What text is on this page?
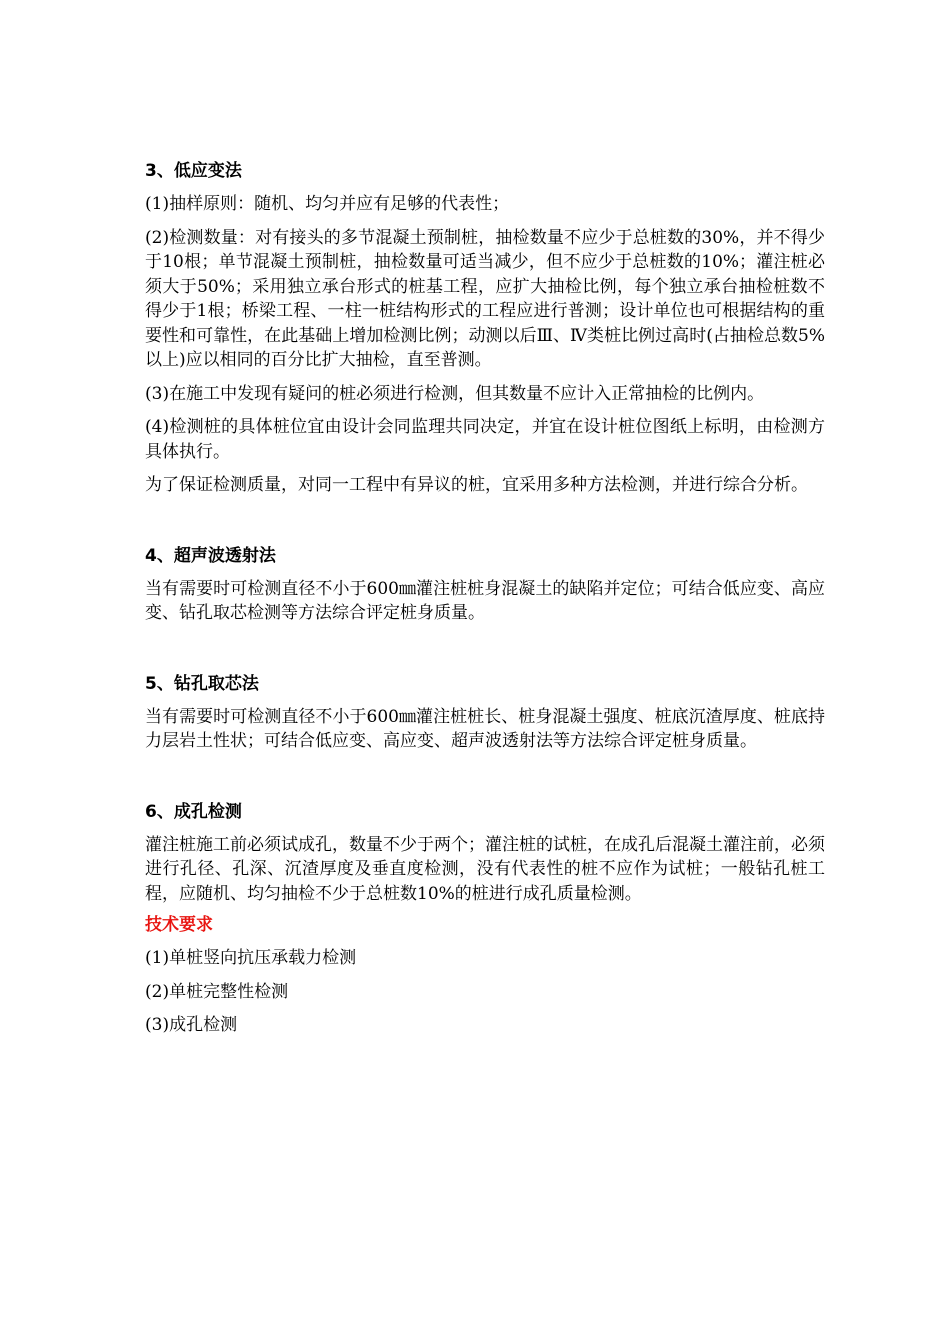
3、低应变法

(1)抽样原则：随机、均匀并应有足够的代表性；

(2)检测数量：对有接头的多节混凝土预制桩，抽检数量不应少于总桩数的30%，并不得少于10根；单节混凝土预制桩，抽检数量可适当减少，但不应少于总桩数的10%；灌注桩必须大于50%；采用独立承台形式的桩基工程，应扩大抽检比例，每个独立承台抽检桩数不得少于1根；桥梁工程、一柱一桩结构形式的工程应进行普测；设计单位也可根据结构的重要性和可靠性，在此基础上增加检测比例；动测以后Ⅲ、Ⅳ类桩比例过高时(占抽检总数5%以上)应以相同的百分比扩大抽检，直至普测。

(3)在施工中发现有疑问的桩必须进行检测，但其数量不应计入正常抽检的比例内。

(4)检测桩的具体桩位宜由设计会同监理共同决定，并宜在设计桩位图纸上标明，由检测方具体执行。

为了保证检测质量，对同一工程中有异议的桩，宜采用多种方法检测，并进行综合分析。

4、超声波透射法

当有需要时可检测直径不小于600㎜灌注桩桩身混凝土的缺陷并定位；可结合低应变、高应变、钻孔取芯检测等方法综合评定桩身质量。

5、钻孔取芯法

当有需要时可检测直径不小于600㎜灌注桩桩长、桩身混凝土强度、桩底沉渣厚度、桩底持力层岩土性状；可结合低应变、高应变、超声波透射法等方法综合评定桩身质量。

6、成孔检测

灌注桩施工前必须试成孔，数量不少于两个；灌注桩的试桩，在成孔后混凝土灌注前，必须进行孔径、孔深、沉渣厚度及垂直度检测，没有代表性的桩不应作为试桩；一般钻孔桩工程，应随机、均匀抽检不少于总桩数10%的桩进行成孔质量检测。

技术要求

(1)单桩竖向抗压承载力检测

(2)单桩完整性检测

(3)成孔检测
